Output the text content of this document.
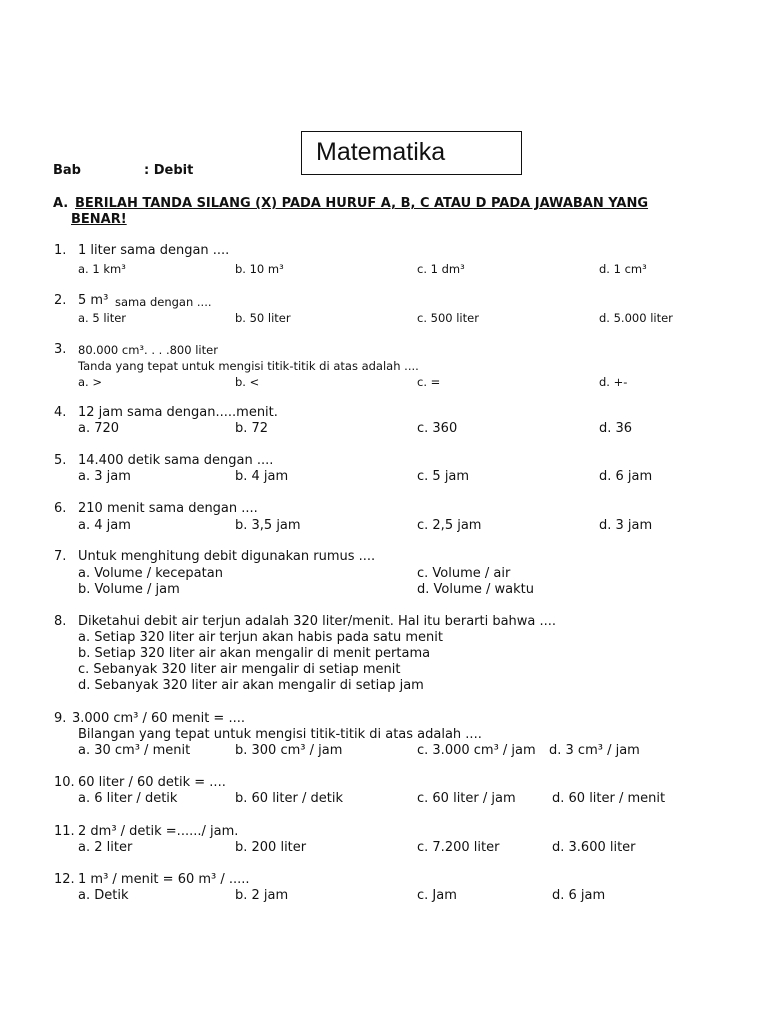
Matematika
Bab	: Debit
A. BERILAH TANDA SILANG (X) PADA HURUF A, B, C ATAU D PADA JAWABAN YANG
BENAR!
1. 1 liter sama dengan ....
a. 1 km³	b. 10 m³	c. 1 dm³	d. 1 cm³
2. 5 m³ sama dengan ....
a. 5 liter	b. 50 liter	c. 500 liter	d. 5.000 liter
3. 80.000 cm³. . . .800 liter
Tanda yang tepat untuk mengisi titik-titik di atas adalah ....
a. >	b. <	c. =	d. +-
4. 12 jam sama dengan.....menit.
a. 720	b. 72	c. 360	d. 36
5. 14.400 detik sama dengan ....
a. 3 jam	b. 4 jam	c. 5 jam	d. 6 jam
6. 210 menit sama dengan ....
a. 4 jam	b. 3,5 jam	c. 2,5 jam	d. 3 jam
7. Untuk menghitung debit digunakan rumus ....
a. Volume / kecepatan
b. Volume / jam
c. Volume / air
d. Volume / waktu
8. Diketahui debit air terjun adalah 320 liter/menit. Hal itu berarti bahwa ....
a. Setiap 320 liter air terjun akan habis pada satu menit
b. Setiap 320 liter air akan mengalir di menit pertama
c. Sebanyak 320 liter air mengalir di setiap menit
d. Sebanyak 320 liter air akan mengalir di setiap jam
9. 3.000 cm³ / 60 menit = ....
Bilangan yang tepat untuk mengisi titik-titik di atas adalah ....
a. 30 cm³ / menit	b. 300 cm³ / jam	c. 3.000 cm³ / jam d. 3 cm³ / jam
10. 60 liter / 60 detik = ....
a. 6 liter / detik	b. 60 liter / detik	c. 60 liter / jam	d. 60 liter / menit
11. 2 dm³ / detik =....../ jam.
a. 2 liter	b. 200 liter	c. 7.200 liter	d. 3.600 liter
12. 1 m³ / menit = 60 m³ / .....
a. Detik	b. 2 jam	c. Jam	d. 6 jam
